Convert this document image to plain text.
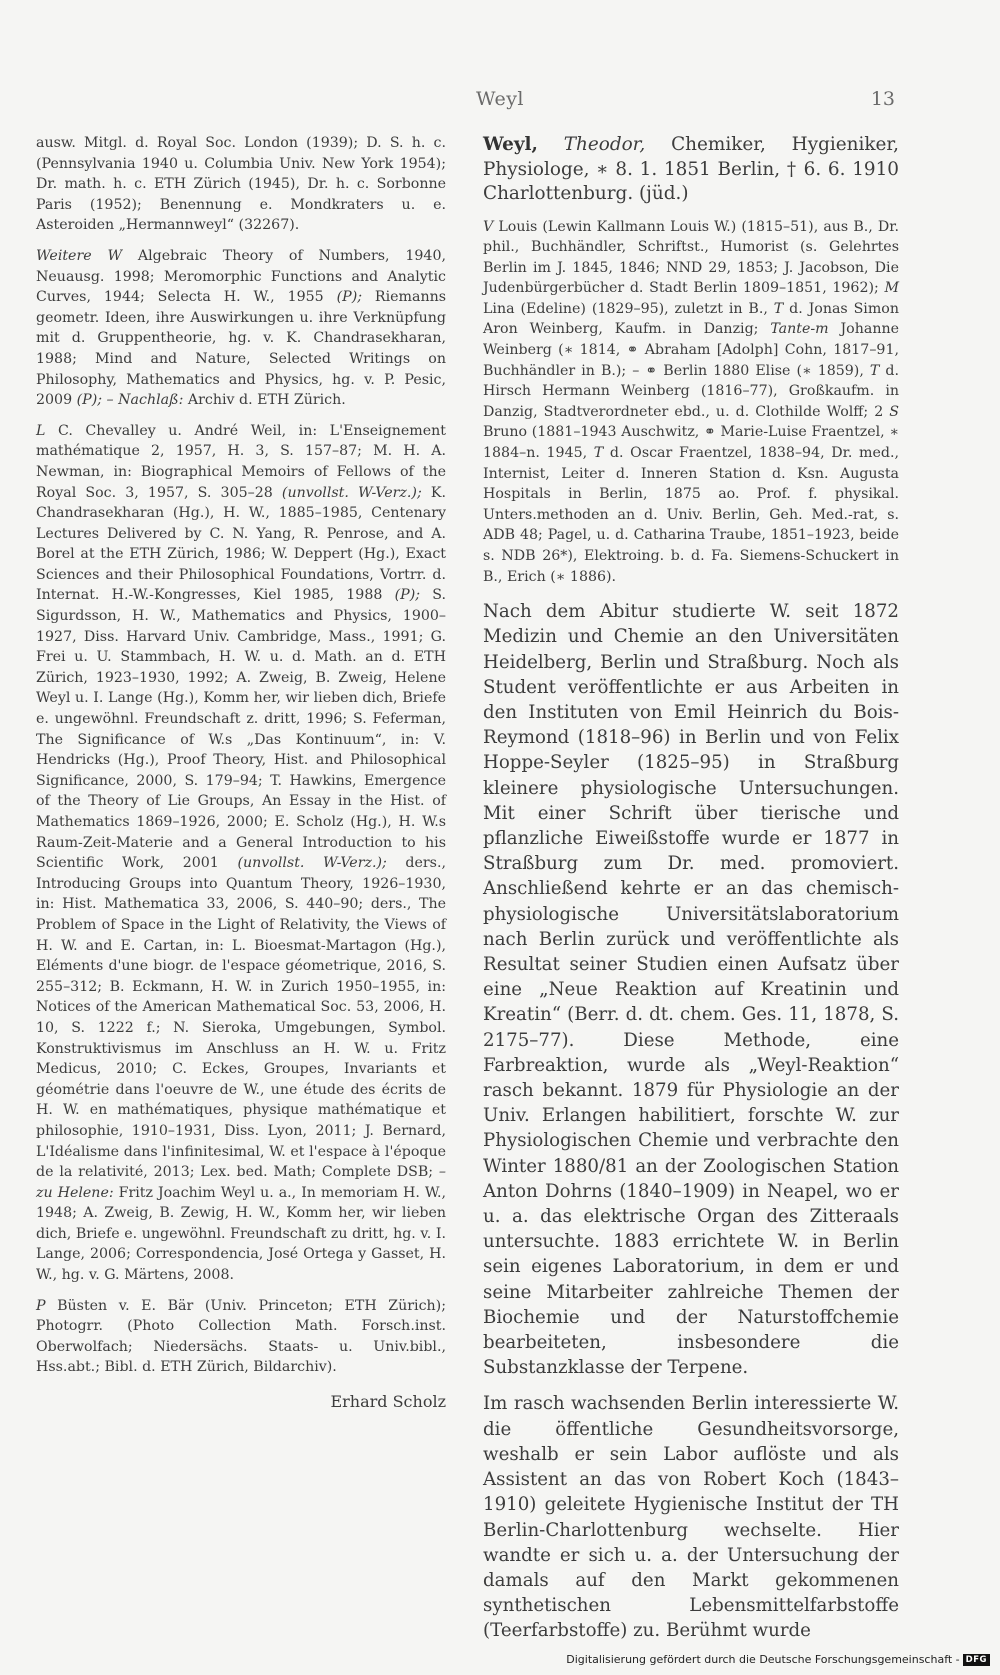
Weyl	13

ausw. Mitgl. d. Royal Soc. London (1939); D. S. h. c. (Pennsylvania 1940 u. Columbia Univ. New York 1954); Dr. math. h. c. ETH Zürich (1945), Dr. h. c. Sorbonne Paris (1952); Benennung e. Mondkraters u. e. Asteroiden „Hermannweyl“ (32267).

Weitere W Algebraic Theory of Numbers, 1940, Neuausg. 1998; Meromorphic Functions and Analytic Curves, 1944; Selecta H. W., 1955 (P); Riemanns geometr. Ideen, ihre Auswirkungen u. ihre Verknüpfung mit d. Gruppentheorie, hg. v. K. Chandrasekharan, 1988; Mind and Nature, Selected Writings on Philosophy, Mathematics and Physics, hg. v. P. Pesic, 2009 (P); – Nachlaß: Archiv d. ETH Zürich.

L C. Chevalley u. André Weil, in: L'Enseignement mathématique 2, 1957, H. 3, S. 157–87; M. H. A. Newman, in: Biographical Memoirs of Fellows of the Royal Soc. 3, 1957, S. 305–28 (unvollst. W-Verz.); K. Chandrasekharan (Hg.), H. W., 1885–1985, Centenary Lectures Delivered by C. N. Yang, R. Penrose, and A. Borel at the ETH Zürich, 1986; W. Deppert (Hg.), Exact Sciences and their Philosophical Foundations, Vortrr. d. Internat. H.-W.-Kongresses, Kiel 1985, 1988 (P); S. Sigurdsson, H. W., Mathematics and Physics, 1900–1927, Diss. Harvard Univ. Cambridge, Mass., 1991; G. Frei u. U. Stammbach, H. W. u. d. Math. an d. ETH Zürich, 1923–1930, 1992; A. Zweig, B. Zweig, Helene Weyl u. I. Lange (Hg.), Komm her, wir lieben dich, Briefe e. ungewöhnl. Freundschaft z. dritt, 1996; S. Feferman, The Significance of W.s „Das Kontinuum“, in: V. Hendricks (Hg.), Proof Theory, Hist. and Philosophical Significance, 2000, S. 179–94; T. Hawkins, Emergence of the Theory of Lie Groups, An Essay in the Hist. of Mathematics 1869–1926, 2000; E. Scholz (Hg.), H. W.s Raum-Zeit-Materie and a General Introduction to his Scientific Work, 2001 (unvollst. W-Verz.); ders., Introducing Groups into Quantum Theory, 1926–1930, in: Hist. Mathematica 33, 2006, S. 440–90; ders., The Problem of Space in the Light of Relativity, the Views of H. W. and E. Cartan, in: L. Bioesmat-Martagon (Hg.), Eléments d'une biogr. de l'espace géometrique, 2016, S. 255–312; B. Eckmann, H. W. in Zurich 1950–1955, in: Notices of the American Mathematical Soc. 53, 2006, H. 10, S. 1222 f.; N. Sieroka, Umgebungen, Symbol. Konstruktivismus im Anschluss an H. W. u. Fritz Medicus, 2010; C. Eckes, Groupes, Invariants et géométrie dans l'oeuvre de W., une étude des écrits de H. W. en mathématiques, physique mathématique et philosophie, 1910–1931, Diss. Lyon, 2011; J. Bernard, L'Idéalisme dans l'infinitesimal, W. et l'espace à l'époque de la relativité, 2013; Lex. bed. Math; Complete DSB; – zu Helene: Fritz Joachim Weyl u. a., In memoriam H. W., 1948; A. Zweig, B. Zewig, H. W., Komm her, wir lieben dich, Briefe e. ungewöhnl. Freundschaft zu dritt, hg. v. I. Lange, 2006; Correspondencia, José Ortega y Gasset, H. W., hg. v. G. Märtens, 2008.

P Büsten v. E. Bär (Univ. Princeton; ETH Zürich); Photogrr. (Photo Collection Math. Forsch.inst. Oberwolfach; Niedersächs. Staats- u. Univ.bibl., Hss.abt.; Bibl. d. ETH Zürich, Bildarchiv).

Erhard Scholz

Weyl, Theodor, Chemiker, Hygieniker, Physiologe, ∗ 8. 1. 1851 Berlin, † 6. 6. 1910 Charlottenburg. (jüd.)

V Louis (Lewin Kallmann Louis W.) (1815–51), aus B., Dr. phil., Buchhändler, Schriftst., Humorist (s. Gelehrtes Berlin im J. 1845, 1846; NND 29, 1853; J. Jacobson, Die Judenbürgerbücher d. Stadt Berlin 1809–1851, 1962); M Lina (Edeline) (1829–95), zuletzt in B., T d. Jonas Simon Aron Weinberg, Kaufm. in Danzig; Tante-m Johanne Weinberg (∗ 1814, ⚭ Abraham [Adolph] Cohn, 1817–91, Buchhändler in B.); – ⚭ Berlin 1880 Elise (∗ 1859), T d. Hirsch Hermann Weinberg (1816–77), Großkaufm. in Danzig, Stadtverordneter ebd., u. d. Clothilde Wolff; 2 S Bruno (1881–1943 Auschwitz, ⚭ Marie-Luise Fraentzel, ∗ 1884–n. 1945, T d. Oscar Fraentzel, 1838–94, Dr. med., Internist, Leiter d. Inneren Station d. Ksn. Augusta Hospitals in Berlin, 1875 ao. Prof. f. physikal. Unters.methoden an d. Univ. Berlin, Geh. Med.-rat, s. ADB 48; Pagel, u. d. Catharina Traube, 1851–1923, beide s. NDB 26*), Elektroing. b. d. Fa. Siemens-Schuckert in B., Erich (∗ 1886).

Nach dem Abitur studierte W. seit 1872 Medizin und Chemie an den Universitäten Heidelberg, Berlin und Straßburg. Noch als Student veröffentlichte er aus Arbeiten in den Instituten von Emil Heinrich du Bois-Reymond (1818–96) in Berlin und von Felix Hoppe-Seyler (1825–95) in Straßburg kleinere physiologische Untersuchungen. Mit einer Schrift über tierische und pflanzliche Eiweißstoffe wurde er 1877 in Straßburg zum Dr. med. promoviert. Anschließend kehrte er an das chemisch-physiologische Universitätslaboratorium nach Berlin zurück und veröffentlichte als Resultat seiner Studien einen Aufsatz über eine „Neue Reaktion auf Kreatinin und Kreatin“ (Berr. d. dt. chem. Ges. 11, 1878, S. 2175–77). Diese Methode, eine Farbreaktion, wurde als „Weyl-Reaktion“ rasch bekannt. 1879 für Physiologie an der Univ. Erlangen habilitiert, forschte W. zur Physiologischen Chemie und verbrachte den Winter 1880/81 an der Zoologischen Station Anton Dohrns (1840–1909) in Neapel, wo er u. a. das elektrische Organ des Zitteraals untersuchte. 1883 errichtete W. in Berlin sein eigenes Laboratorium, in dem er und seine Mitarbeiter zahlreiche Themen der Biochemie und der Naturstoffchemie bearbeiteten, insbesondere die Substanzklasse der Terpene.

Im rasch wachsenden Berlin interessierte W. die öffentliche Gesundheitsvorsorge, weshalb er sein Labor auflöste und als Assistent an das von Robert Koch (1843–1910) geleitete Hygienische Institut der TH Berlin-Charlottenburg wechselte. Hier wandte er sich u. a. der Untersuchung der damals auf den Markt gekommenen synthetischen Lebensmittelfarbstoffe (Teerfarbstoffe) zu. Berühmt wurde

Digitalisierung gefördert durch die Deutsche Forschungsgemeinschaft - DFG
